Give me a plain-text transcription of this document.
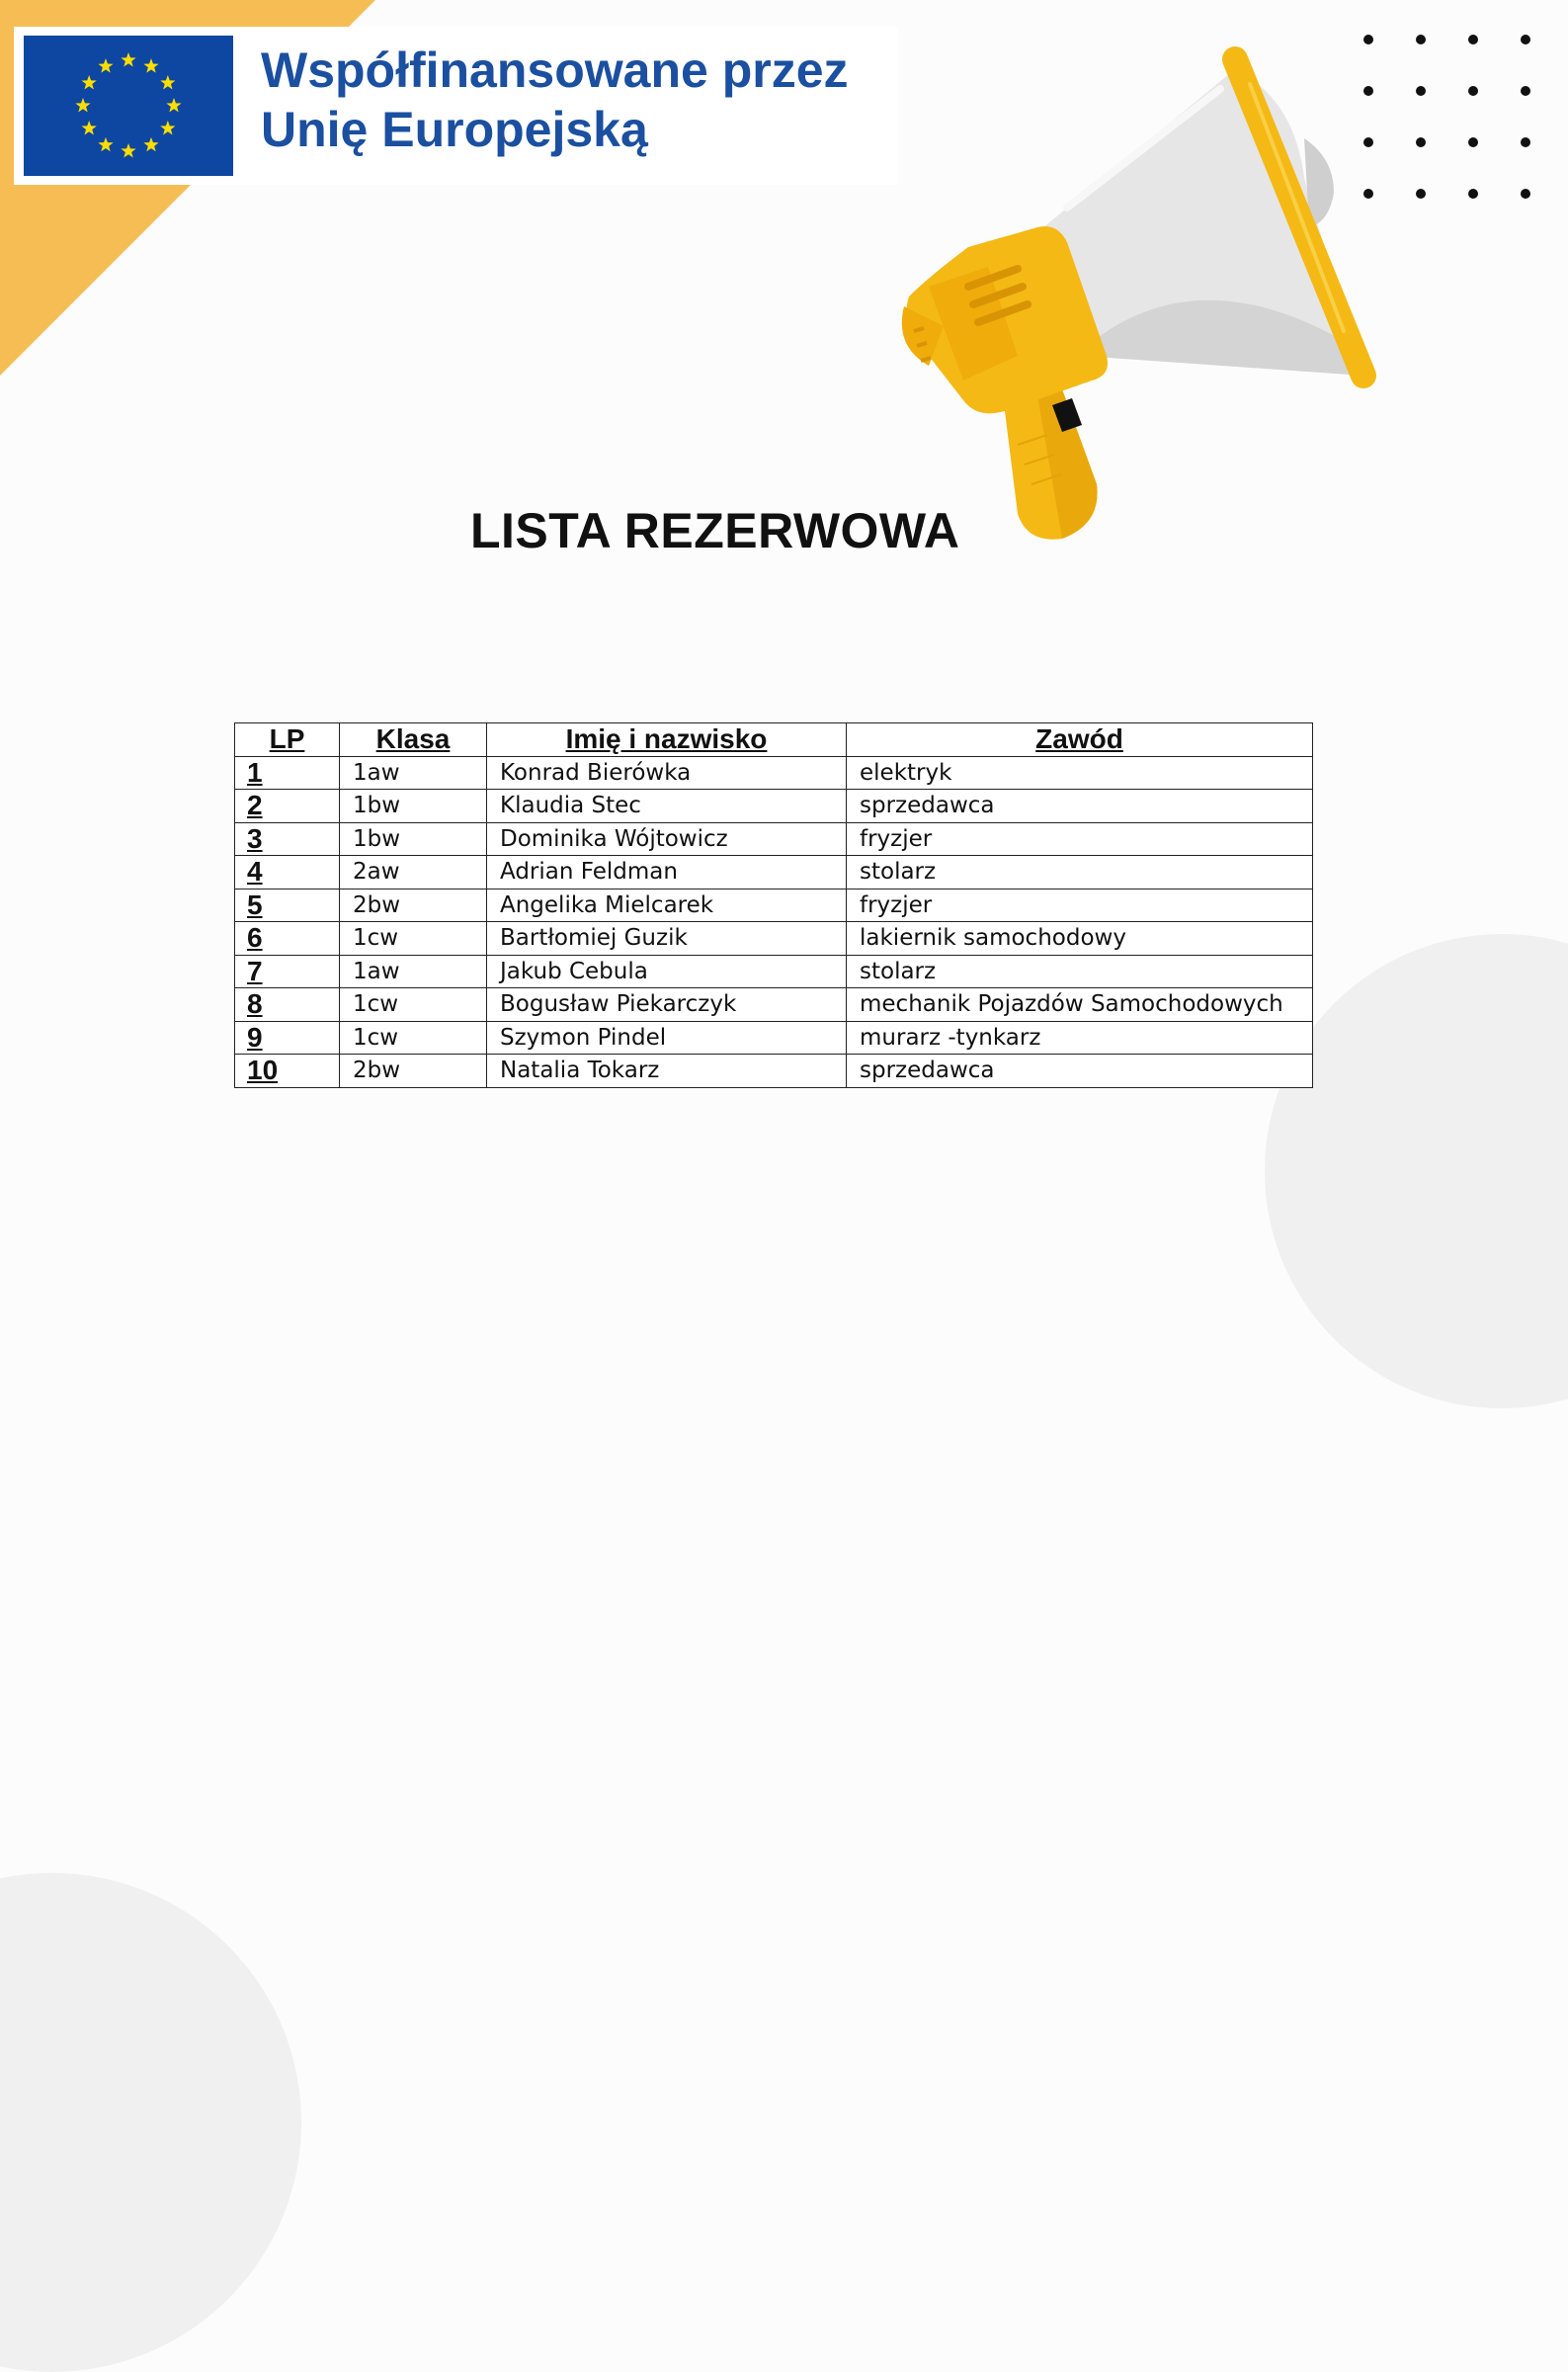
Współfinansowane przez
Unię Europejską
LISTA REZERWOWA
LP	Klasa	Imię i nazwisko	Zawód
1	1aw	Konrad Bierówka	elektryk
2	1bw	Klaudia Stec	sprzedawca
3	1bw	Dominika Wójtowicz	fryzjer
4	2aw	Adrian Feldman	stolarz
5	2bw	Angelika Mielcarek	fryzjer
6	1cw	Bartłomiej Guzik	lakiernik samochodowy
7	1aw	Jakub Cebula	stolarz
8	1cw	Bogusław Piekarczyk	mechanik Pojazdów Samochodowych
9	1cw	Szymon Pindel	murarz -tynkarz
10	2bw	Natalia Tokarz	sprzedawca
